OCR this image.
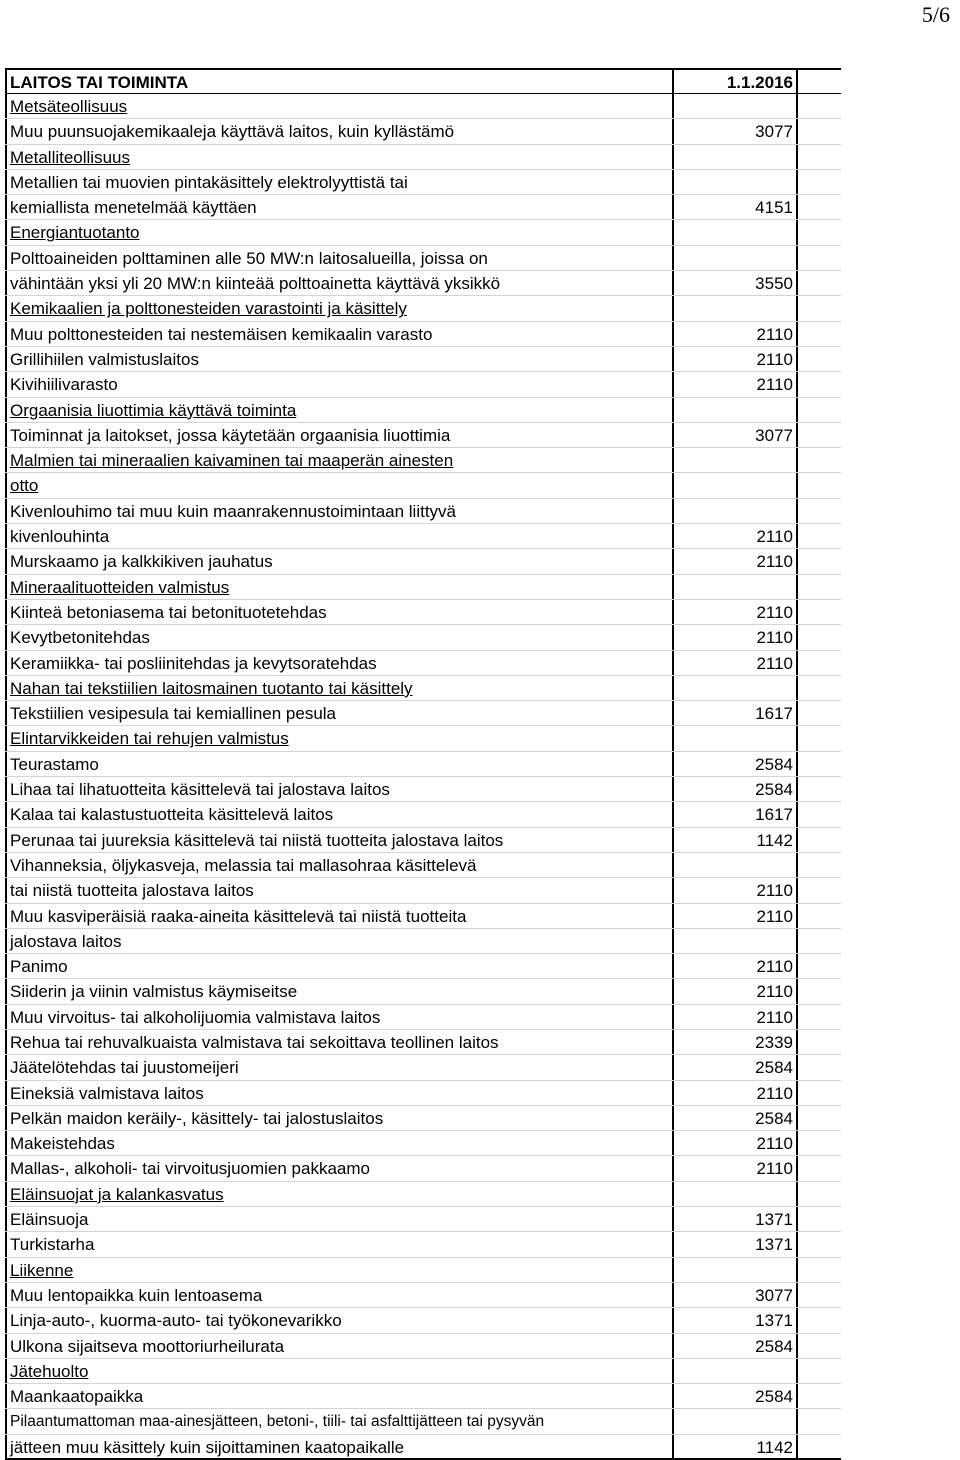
5/6
LAITOS TAI TOIMINTA	1.1.2016
Metsäteollisuus
Muu puunsuojakemikaaleja käyttävä laitos, kuin kyllästämö	3077
Metalliteollisuus
Metallien tai muovien pintakäsittely elektrolyyttistä tai
kemiallista menetelmää käyttäen	4151
Energiantuotanto
Polttoaineiden polttaminen alle 50 MW:n laitosalueilla, joissa on
vähintään yksi yli 20 MW:n kiinteää polttoainetta käyttävä yksikkö	3550
Kemikaalien ja polttonesteiden varastointi ja käsittely
Muu polttonesteiden tai nestemäisen kemikaalin varasto	2110
Grillihiilen valmistuslaitos	2110
Kivihiilivarasto	2110
Orgaanisia liuottimia käyttävä toiminta
Toiminnat ja laitokset, jossa käytetään orgaanisia liuottimia	3077
Malmien tai mineraalien kaivaminen tai maaperän ainesten
otto
Kivenlouhimo tai muu kuin maanrakennustoimintaan liittyvä
kivenlouhinta	2110
Murskaamo ja kalkkikiven jauhatus	2110
Mineraalituotteiden valmistus
Kiinteä betoniasema tai betonituotetehdas	2110
Kevytbetonitehdas	2110
Keramiikka- tai posliinitehdas ja kevytsoratehdas	2110
Nahan tai tekstiilien laitosmainen tuotanto tai käsittely
Tekstiilien vesipesula tai kemiallinen pesula	1617
Elintarvikkeiden tai rehujen valmistus
Teurastamo	2584
Lihaa tai lihatuotteita käsittelevä tai jalostava laitos	2584
Kalaa tai kalastustuotteita käsittelevä laitos	1617
Perunaa tai juureksia käsittelevä tai niistä tuotteita jalostava laitos	1142
Vihanneksia, öljykasveja, melassia tai mallasohraa käsittelevä
tai niistä tuotteita jalostava laitos	2110
Muu kasviperäisiä raaka-aineita käsittelevä tai niistä tuotteita	2110
jalostava laitos
Panimo	2110
Siiderin ja viinin valmistus käymiseitse	2110
Muu virvoitus- tai alkoholijuomia valmistava laitos	2110
Rehua tai rehuvalkuaista valmistava tai sekoittava teollinen laitos	2339
Jäätelötehdas tai juustomeijeri	2584
Eineksiä valmistava laitos	2110
Pelkän maidon keräily-, käsittely- tai jalostuslaitos	2584
Makeistehdas	2110
Mallas-, alkoholi- tai virvoitusjuomien pakkaamo	2110
Eläinsuojat ja kalankasvatus
Eläinsuoja	1371
Turkistarha	1371
Liikenne
Muu lentopaikka kuin lentoasema	3077
Linja-auto-, kuorma-auto- tai työkonevarikko	1371
Ulkona sijaitseva moottoriurheilurata	2584
Jätehuolto
Maankaatopaikka	2584
Pilaantumattoman maa-ainesjätteen, betoni-, tiili- tai asfalttijätteen tai pysyvän
jätteen muu käsittely kuin sijoittaminen kaatopaikalle	1142
